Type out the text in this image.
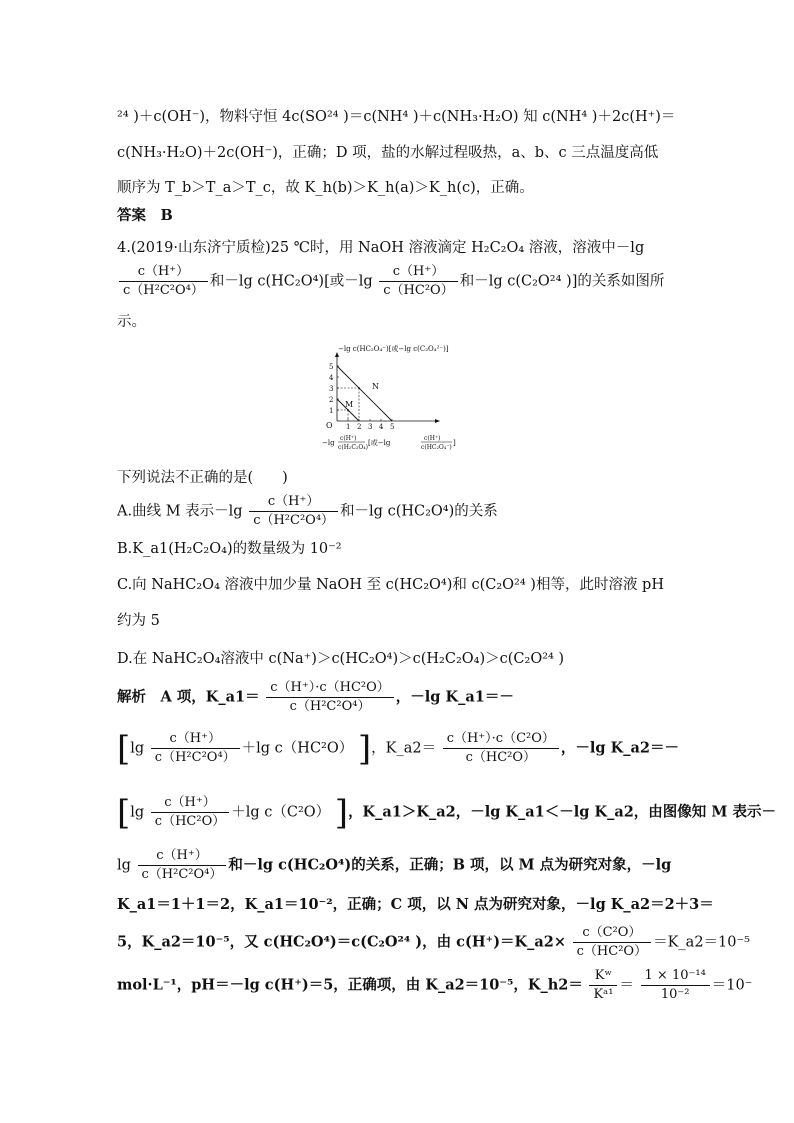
²⁴ )＋c(OH⁻)，物料守恒 4c(SO²⁴ )＝c(NH⁴ )＋c(NH₃·H₂O) 知 c(NH⁴ )＋2c(H⁺)＝
c(NH₃·H₂O)＋2c(OH⁻)，正确；D 项，盐的水解过程吸热，a、b、c 三点温度高低
顺序为 T_b＞T_a＞T_c，故 K_h(b)＞K_h(a)＞K_h(c)，正确。
答案　B
4.(2019·山东济宁质检)25 ℃时，用 NaOH 溶液滴定 H₂C₂O₄ 溶液，溶液中－lg
$\frac{c(H^+)}{\text{c（H²C²O⁴）}}$ 和－lg c(HC₂O⁴)[或$-\lg \frac{c(H^+)}{\text{c（HC²O）}}$ 和－lg c(C₂O²⁴ )]的关系如图所
示。
−lg c(HC₂O₄⁻)[或−lg c(C₂O₄²⁻)]
O
−lg
c(H⁺)
c(H₂C₂O₄)
[或−lg
c(H⁺)
c(HC₂O₄⁻)
]
1 2 3 4 5
1
2
3
4
5
M
N
下列说法不正确的是(　　)
A.曲线 M 表示$-\lg \frac{c(H^+)}{\text{c（H²C²O⁴）}}$ 和－lg c(HC₂O⁴)的关系
B.K_a1(H₂C₂O₄)的数量级为 10⁻²
C.向 NaHC₂O₄ 溶液中加少量 NaOH 至 c(HC₂O⁴)和 c(C₂O²⁴ )相等，此时溶液 pH
约为 5
D.在 NaHC₂O₄溶液中 c(Na⁺)＞c(HC₂O⁴)＞c(H₂C₂O₄)＞c(C₂O²⁴ )
解析　A 项，K_a1＝ $\frac{\text{c（H⁺）·c（HC²O）}}{\text{c（H²C²O⁴）}}$ ，－lg K_a1＝－
[$\lg \frac{c(H^+)}{\text{c（H²C²O⁴）}} +\lg$ c（HC²O） ]，K_a2＝ $\frac{\text{c（H⁺）·c（C²O）}}{\text{c（HC²O）}}$ ，－lg K_a2＝－
[$\lg \frac{c(H^+)}{\text{c（HC²O）}} +\lg$ c（C²O） ]，K_a1＞K_a2，－lg K_a1＜－lg K_a2，由图像知 M 表示－
$\lg \frac{c(H^+)}{\text{c（H²C²O⁴）}}$ 和－lg c(HC₂O⁴)的关系，正确；B 项，以 M 点为研究对象，－lg
K_a1＝1＋1＝2，K_a1＝10⁻²，正确；C 项，以 N 点为研究对象，－lg K_a2＝2＋3＝
5，K_a2＝10⁻⁵，又 c(HC₂O⁴)＝c(C₂O²⁴ )，由 c(H⁺)＝K_a2× $\frac{\text{c（C²O）}}{\text{c（HC²O）}}$ ＝K_a2＝10⁻⁵
mol·L⁻¹，pH＝－lg c(H⁺)＝5，正确项，由 K_a2＝10⁻⁵，K_h2＝ $\frac{\text{Kʷ}}{\text{Kᵃ¹}} = \frac{\text{1 × 10⁻¹⁴}}{\text{10⁻²}} =10^-$
